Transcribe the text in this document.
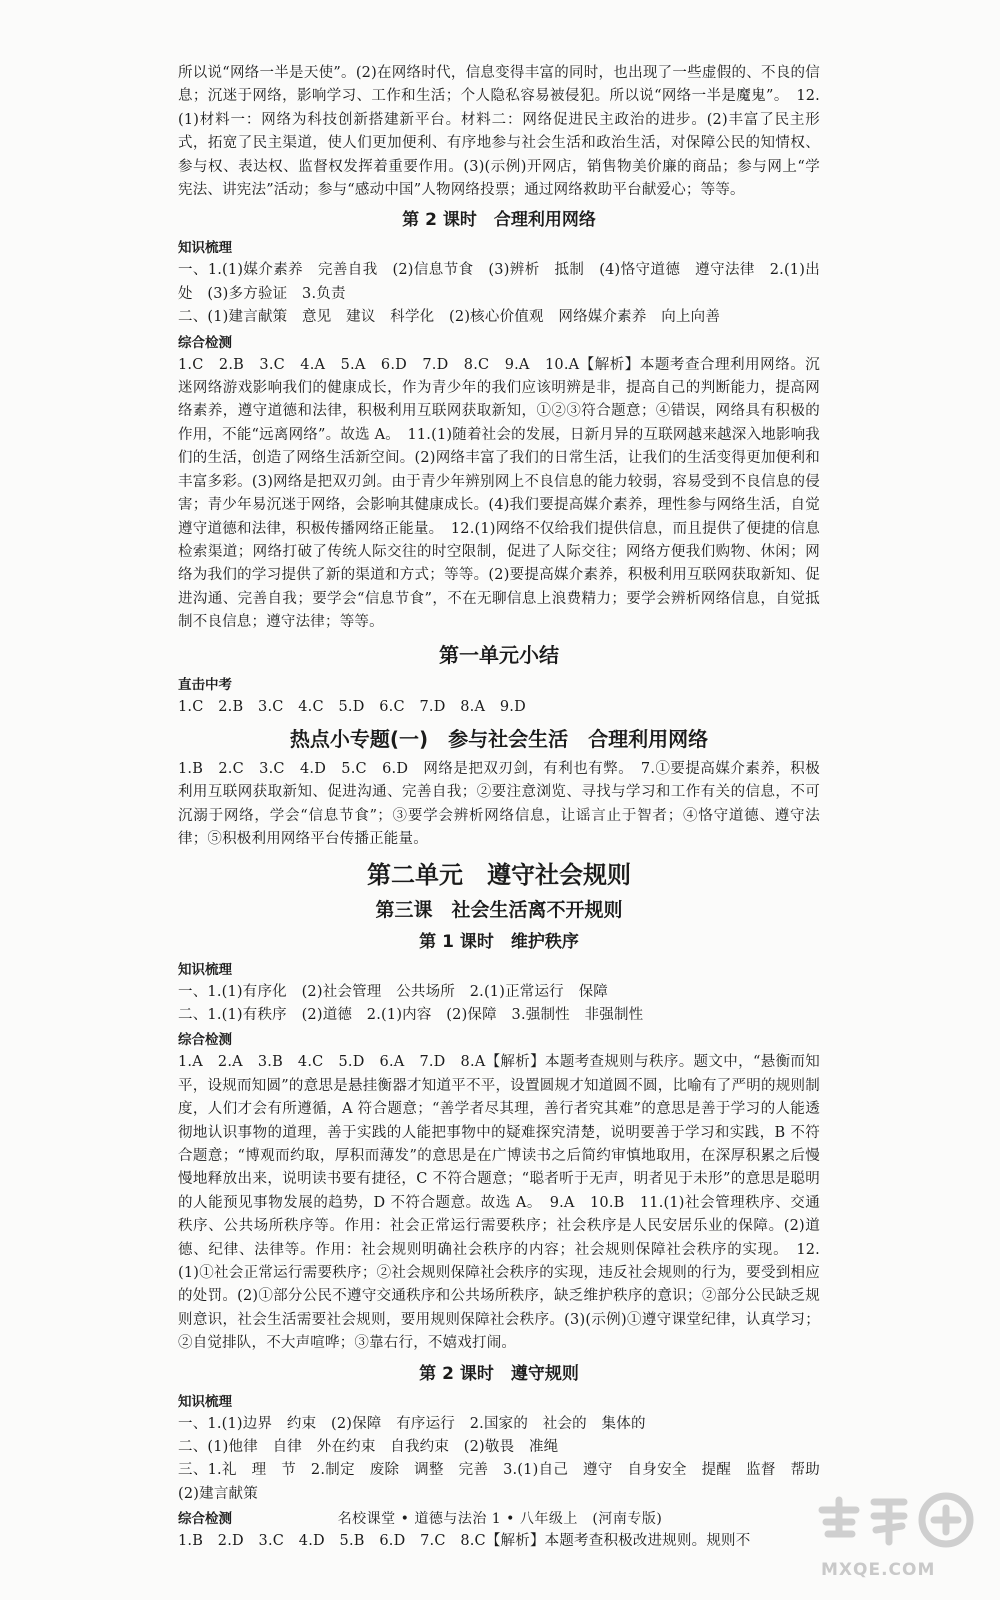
所以说“网络一半是天使”。(2)在网络时代，信息变得丰富的同时，也出现了一些虚假的、不良的信息；沉迷于网络，影响学习、工作和生活；个人隐私容易被侵犯。所以说“网络一半是魔鬼”。　12.(1)材料一：网络为科技创新搭建新平台。材料二：网络促进民主政治的进步。(2)丰富了民主形式，拓宽了民主渠道，使人们更加便利、有序地参与社会生活和政治生活，对保障公民的知情权、参与权、表达权、监督权发挥着重要作用。(3)(示例)开网店，销售物美价廉的商品；参与网上“学宪法、讲宪法”活动；参与“感动中国”人物网络投票；通过网络救助平台献爱心；等等。

第 2 课时　合理利用网络
知识梳理

一、1.(1)媒介素养　完善自我　(2)信息节食　(3)辨析　抵制　(4)恪守道德　遵守法律　2.(1)出处　(3)多方验证　3.负责

二、(1)建言献策　意见　建议　科学化　(2)核心价值观　网络媒介素养　向上向善

综合检测

1.C　2.B　3.C　4.A　5.A　6.D　7.D　8.C　9.A　10.A【解析】本题考查合理利用网络。沉迷网络游戏影响我们的健康成长，作为青少年的我们应该明辨是非，提高自己的判断能力，提高网络素养，遵守道德和法律，积极利用互联网获取新知，①②③符合题意；④错误，网络具有积极的作用，不能“远离网络”。故选 A。　11.(1)随着社会的发展，日新月异的互联网越来越深入地影响我们的生活，创造了网络生活新空间。(2)网络丰富了我们的日常生活，让我们的生活变得更加便利和丰富多彩。(3)网络是把双刃剑。由于青少年辨别网上不良信息的能力较弱，容易受到不良信息的侵害；青少年易沉迷于网络，会影响其健康成长。(4)我们要提高媒介素养，理性参与网络生活，自觉遵守道德和法律，积极传播网络正能量。　12.(1)网络不仅给我们提供信息，而且提供了便捷的信息检索渠道；网络打破了传统人际交往的时空限制，促进了人际交往；网络方便我们购物、休闲；网络为我们的学习提供了新的渠道和方式；等等。(2)要提高媒介素养，积极利用互联网获取新知、促进沟通、完善自我；要学会“信息节食”，不在无聊信息上浪费精力；要学会辨析网络信息，自觉抵制不良信息；遵守法律；等等。

第一单元小结
直击中考

1.C　2.B　3.C　4.C　5.D　6.C　7.D　8.A　9.D

热点小专题(一)　参与社会生活　合理利用网络

1.B　2.C　3.C　4.D　5.C　6.D　网络是把双刃剑，有利也有弊。　7.①要提高媒介素养，积极利用互联网获取新知、促进沟通、完善自我；②要注意浏览、寻找与学习和工作有关的信息，不可沉溺于网络，学会“信息节食”；③要学会辨析网络信息，让谣言止于智者；④恪守道德、遵守法律；⑤积极利用网络平台传播正能量。

第二单元　遵守社会规则
第三课　社会生活离不开规则
第 1 课时　维护秩序
知识梳理

一、1.(1)有序化　(2)社会管理　公共场所　2.(1)正常运行　保障

二、1.(1)有秩序　(2)道德　2.(1)内容　(2)保障　3.强制性　非强制性

综合检测

1.A　2.A　3.B　4.C　5.D　6.A　7.D　8.A【解析】本题考查规则与秩序。题文中，“悬衡而知平，设规而知圆”的意思是悬挂衡器才知道平不平，设置圆规才知道圆不圆，比喻有了严明的规则制度，人们才会有所遵循，A 符合题意；“善学者尽其理，善行者究其难”的意思是善于学习的人能透彻地认识事物的道理，善于实践的人能把事物中的疑难探究清楚，说明要善于学习和实践，B 不符合题意；“博观而约取，厚积而薄发”的意思是在广博读书之后简约审慎地取用，在深厚积累之后慢慢地释放出来，说明读书要有捷径，C 不符合题意；“聪者听于无声，明者见于未形”的意思是聪明的人能预见事物发展的趋势，D 不符合题意。故选 A。　9.A　10.B　11.(1)社会管理秩序、交通秩序、公共场所秩序等。作用：社会正常运行需要秩序；社会秩序是人民安居乐业的保障。(2)道德、纪律、法律等。作用：社会规则明确社会秩序的内容；社会规则保障社会秩序的实现。　12.(1)①社会正常运行需要秩序；②社会规则保障社会秩序的实现，违反社会规则的行为，要受到相应的处罚。(2)①部分公民不遵守交通秩序和公共场所秩序，缺乏维护秩序的意识；②部分公民缺乏规则意识，社会生活需要社会规则，要用规则保障社会秩序。(3)(示例)①遵守课堂纪律，认真学习；②自觉排队，不大声喧哗；③靠右行，不嬉戏打闹。

第 2 课时　遵守规则
知识梳理

一、1.(1)边界　约束　(2)保障　有序运行　2.国家的　社会的　集体的

二、(1)他律　自律　外在约束　自我约束　(2)敬畏　准绳

三、1.礼　理　节　2.制定　废除　调整　完善　3.(1)自己　遵守　自身安全　提醒　监督　帮助　(2)建言献策

综合检测

1.B　2.D　3.C　4.D　5.B　6.D　7.C　8.C【解析】本题考查积极改进规则。规则不

名校课堂 • 道德与法治 1 • 八年级上　(河南专版)
MXQE.COM
